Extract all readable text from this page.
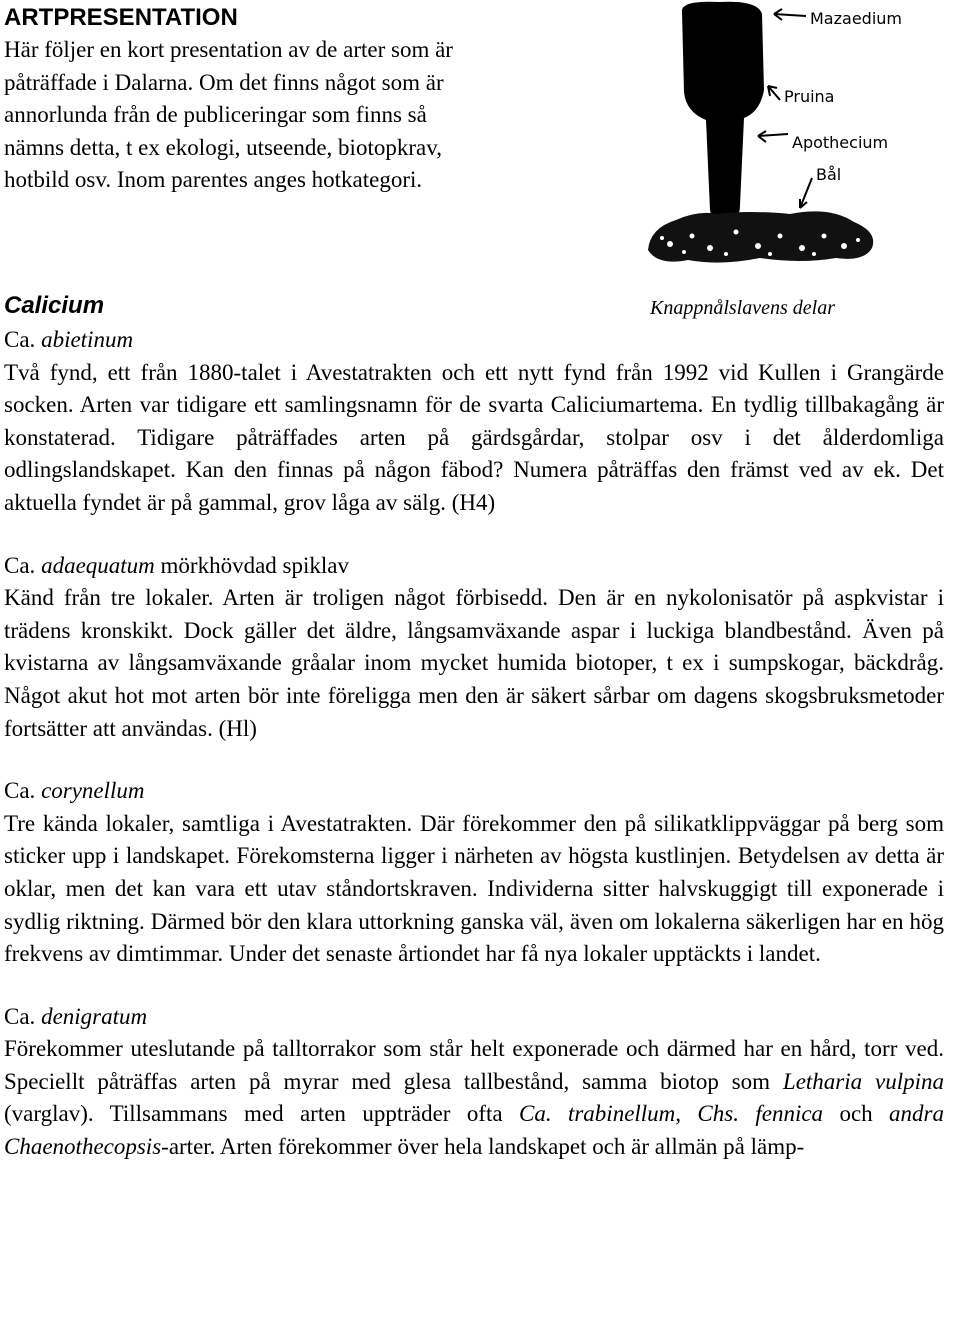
ARTPRESENTATION

Här följer en kort presentation av de arter som är påträffade i Dalarna. Om det finns något som är annorlunda från de publiceringar som finns så nämns detta, t ex ekologi, utseende, biotopkrav, hotbild osv. Inom parentes anges hotkategori.

Mazaedium
Pruina
Apothecium
Bål
Knappnålslavens delar
Calicium
Ca. abietinum

Två fynd, ett från 1880-talet i Avestatrakten och ett nytt fynd från 1992 vid Kullen i Grangärde socken. Arten var tidigare ett samlingsnamn för de svarta Caliciumartema. En tydlig tillbakagång är konstaterad. Tidigare påträffades arten på gärdsgårdar, stolpar osv i det ålderdomliga odlingslandskapet. Kan den finnas på någon fäbod? Numera påträffas den främst ved av ek. Det aktuella fyndet är på gammal, grov låga av sälg. (H4)

Ca. adaequatum mörkhövdad spiklav

Känd från tre lokaler. Arten är troligen något förbisedd. Den är en nykolonisatör på aspkvistar i trädens kronskikt. Dock gäller det äldre, långsamväxande aspar i luckiga blandbestånd. Även på kvistarna av långsamväxande gråalar inom mycket humida biotoper, t ex i sumpskogar, bäckdråg. Något akut hot mot arten bör inte föreligga men den är säkert sårbar om dagens skogsbruksmetoder fortsätter att användas. (Hl)

Ca. corynellum

Tre kända lokaler, samtliga i Avestatrakten. Där förekommer den på silikatklippväggar på berg som sticker upp i landskapet. Förekomsterna ligger i närheten av högsta kustlinjen. Betydelsen av detta är oklar, men det kan vara ett utav ståndortskraven. Individerna sitter halvskuggigt till exponerade i sydlig riktning. Därmed bör den klara uttorkning ganska väl, även om lokalerna säkerligen har en hög frekvens av dimtimmar. Under det senaste årtiondet har få nya lokaler upptäckts i landet.

Ca. denigratum

Förekommer uteslutande på talltorrakor som står helt exponerade och därmed har en hård, torr ved. Speciellt påträffas arten på myrar med glesa tallbestånd, samma biotop som Letharia vulpina (varglav). Tillsammans med arten uppträder ofta Ca. trabinellum, Chs. fennica och andra Chaenothecopsis-arter. Arten förekommer över hela landskapet och är allmän på lämp-
